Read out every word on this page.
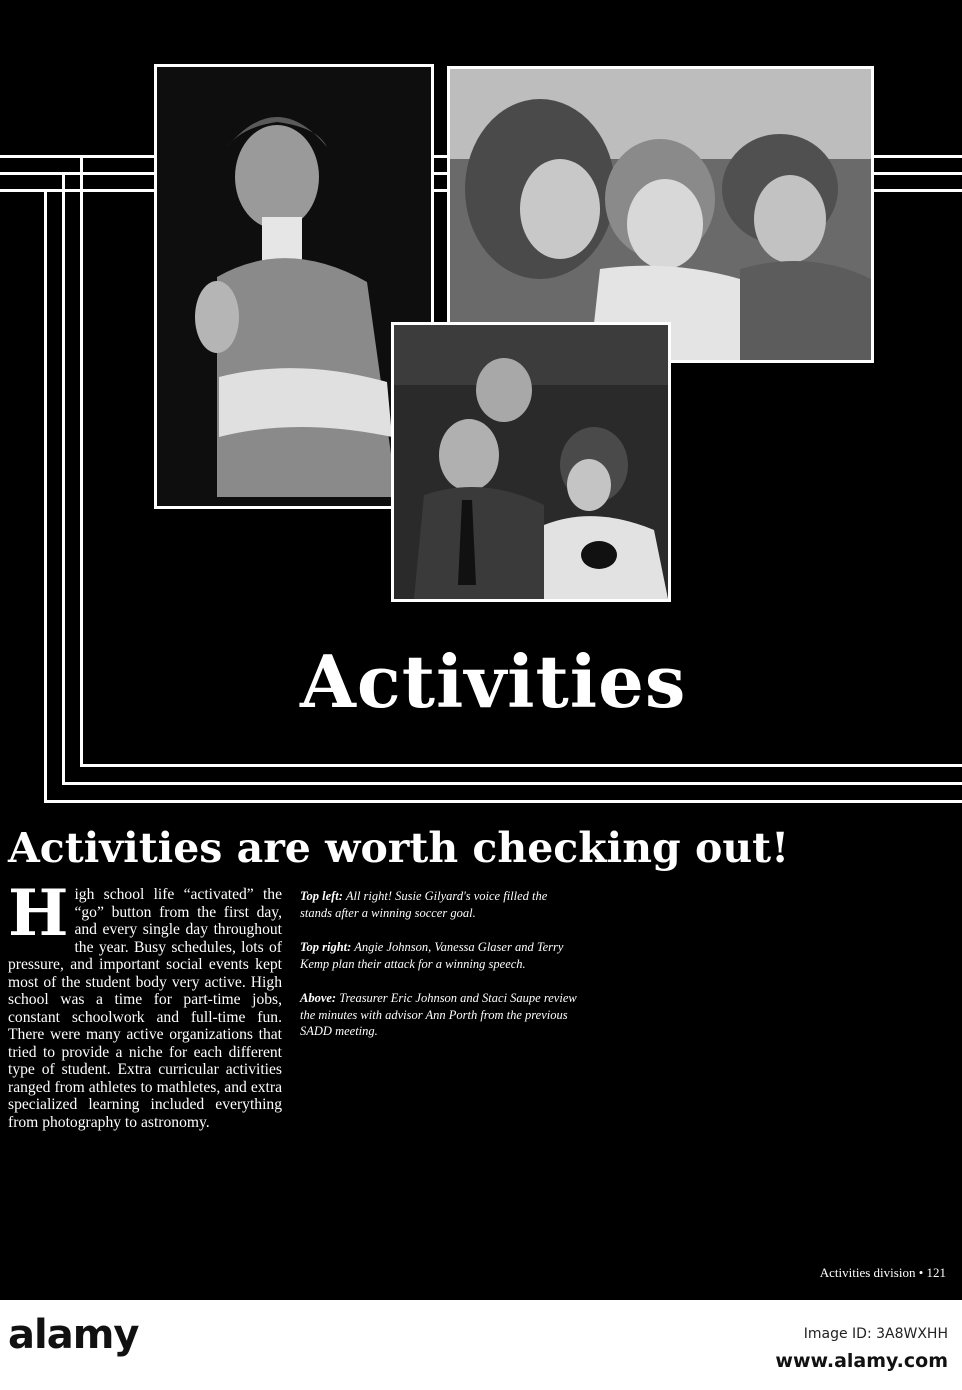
Activities
Activities are worth checking out!
H igh school life “activated” the “go” button from the first day, and every single day throughout the year. Busy schedules, lots of pressure, and important social events kept most of the student body very active. High school was a time for part-time jobs, constant schoolwork and full-time fun. There were many active organizations that tried to provide a niche for each different type of student. Extra curricular activities ranged from athletes to mathletes, and extra specialized learning included everything from photography to astronomy.
Top left: All right! Susie Gilyard's voice filled the stands after a winning soccer goal.
Top right: Angie Johnson, Vanessa Glaser and Terry Kemp plan their attack for a winning speech.
Above: Treasurer Eric Johnson and Staci Saupe review the minutes with advisor Ann Porth from the previous SADD meeting.
Activities division • 121
alamy	Image ID: 3A8WXHH
www.alamy.com
